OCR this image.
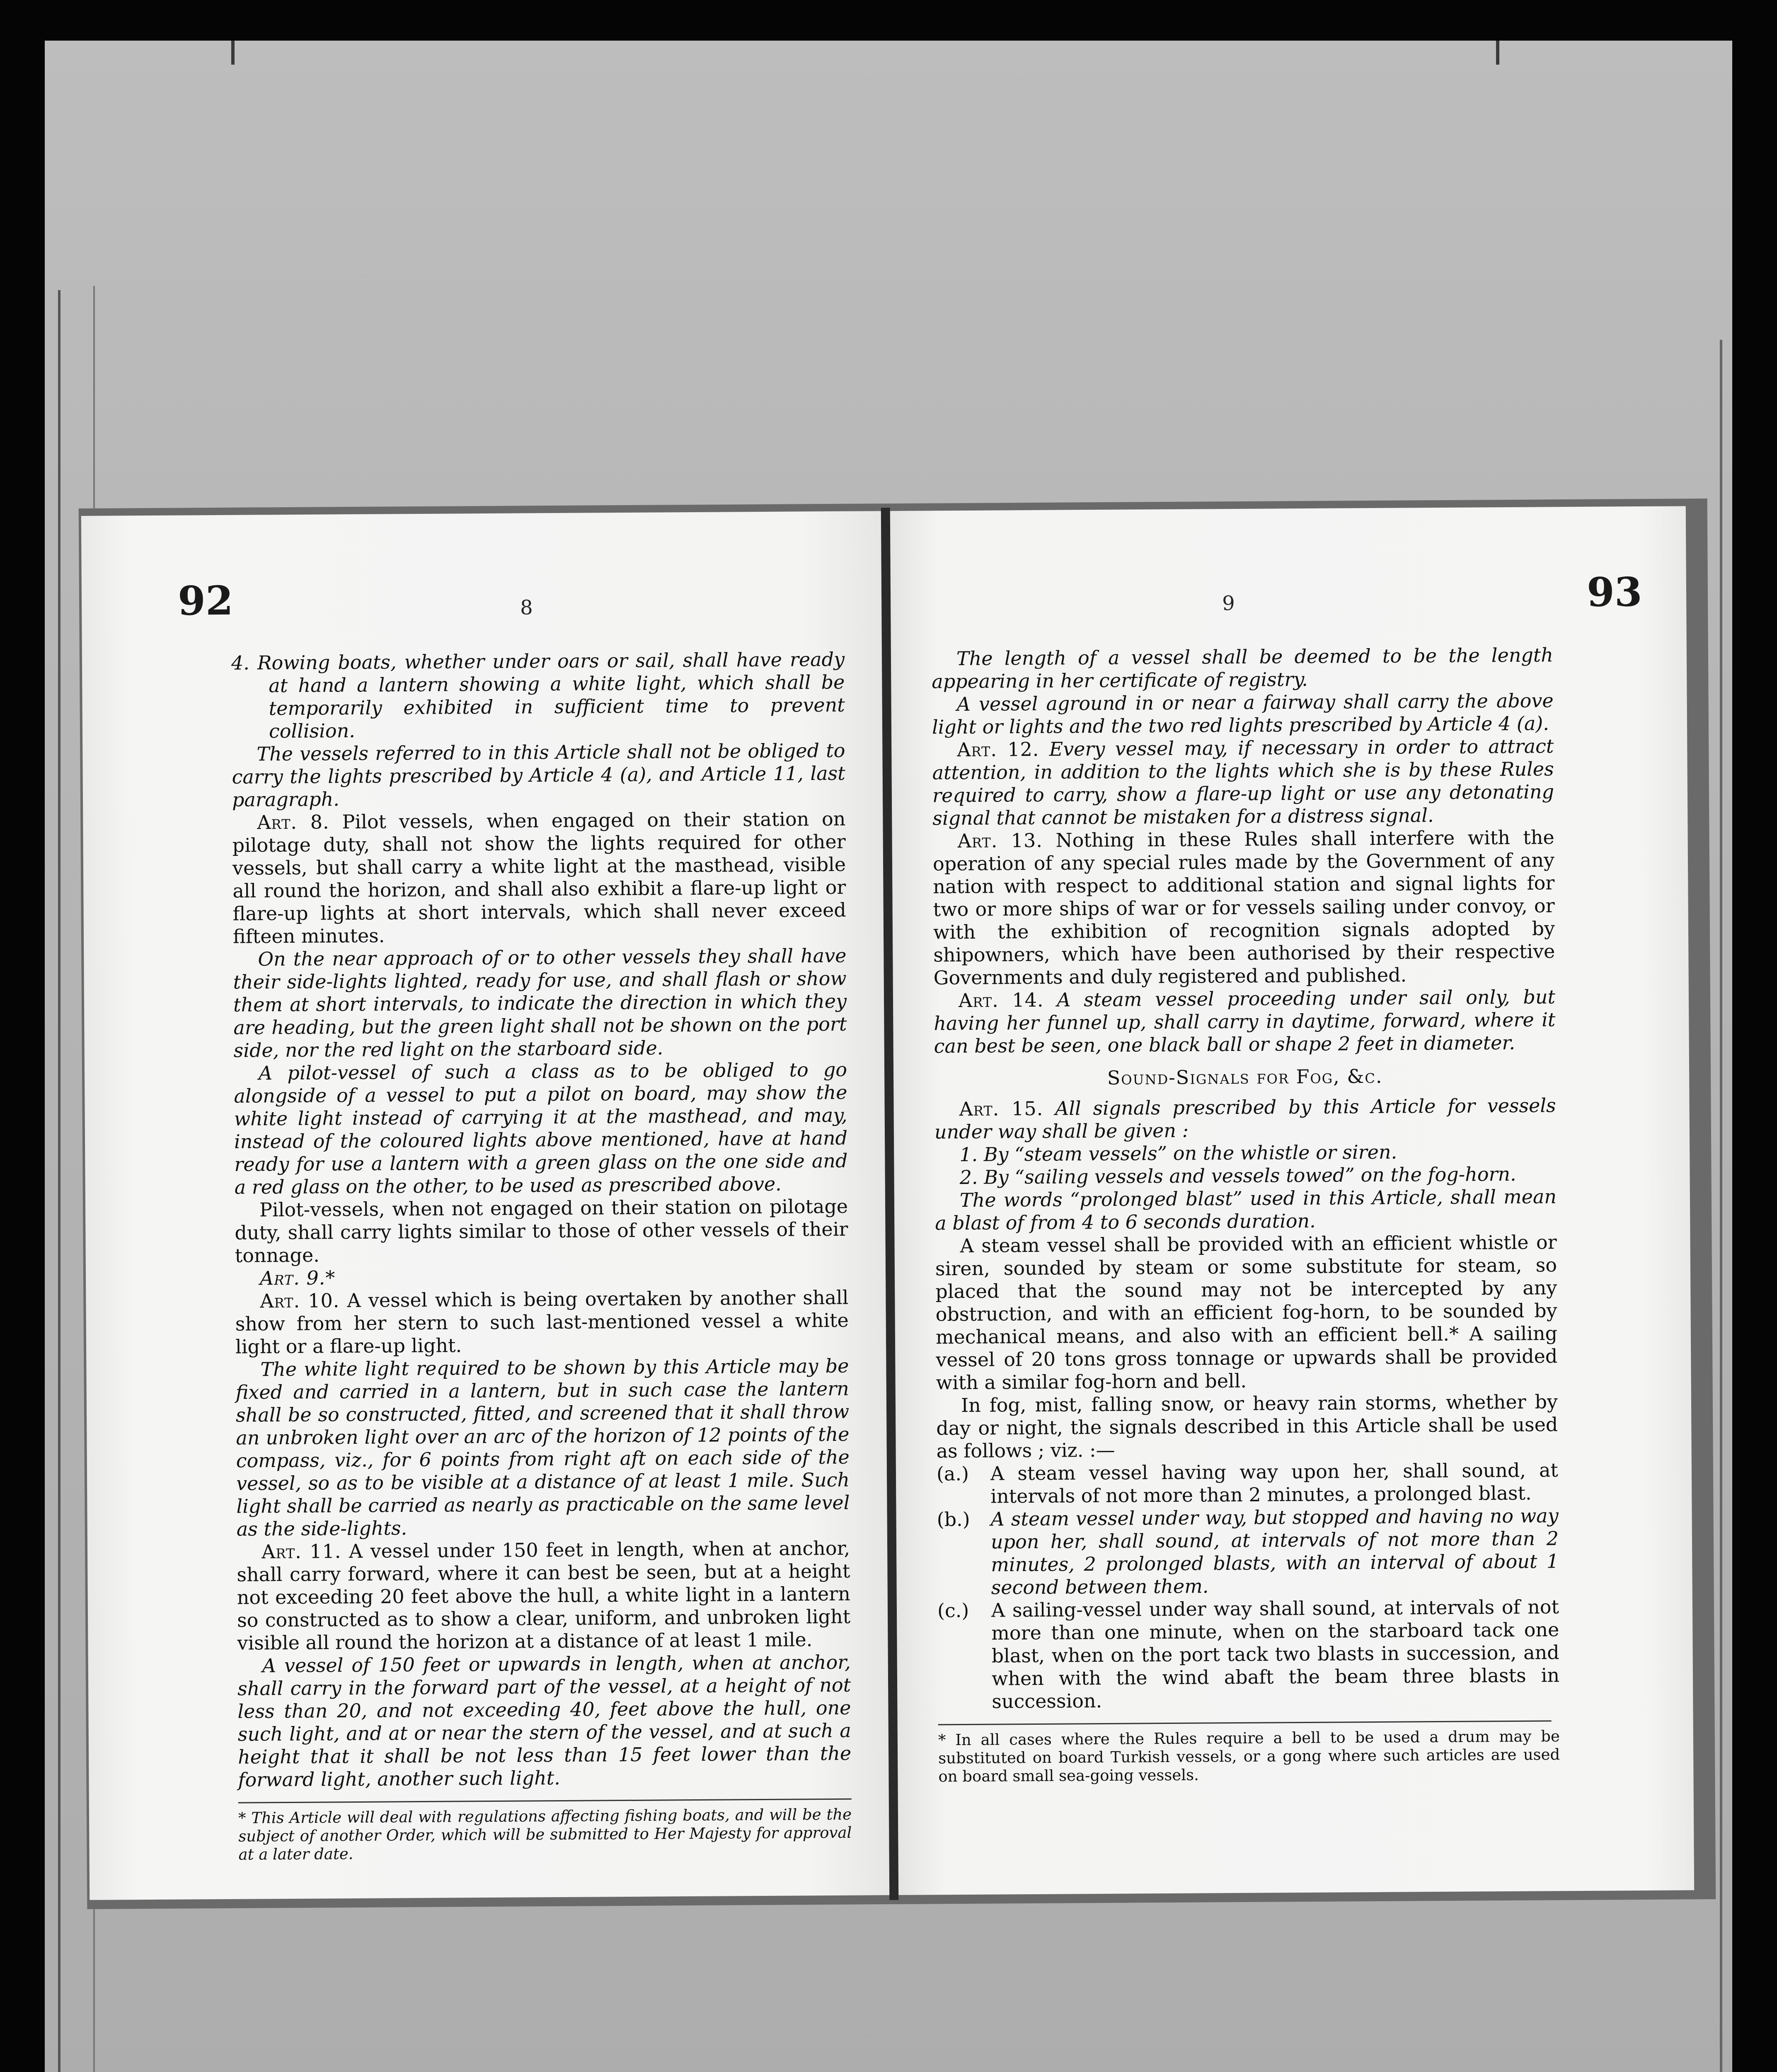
92	8

4. Rowing boats, whether under oars or sail, shall have ready at hand a lantern showing a white light, which shall be temporarily exhibited in sufficient time to prevent collision.

The vessels referred to in this Article shall not be obliged to carry the lights prescribed by Article 4 (a), and Article 11, last paragraph.

Art. 8. Pilot vessels, when engaged on their station on pilotage duty, shall not show the lights required for other vessels, but shall carry a white light at the masthead, visible all round the horizon, and shall also exhibit a flare-up light or flare-up lights at short intervals, which shall never exceed fifteen minutes.

On the near approach of or to other vessels they shall have their side-lights lighted, ready for use, and shall flash or show them at short intervals, to indicate the direction in which they are heading, but the green light shall not be shown on the port side, nor the red light on the starboard side.

A pilot-vessel of such a class as to be obliged to go alongside of a vessel to put a pilot on board, may show the white light instead of carrying it at the masthead, and may, instead of the coloured lights above mentioned, have at hand ready for use a lantern with a green glass on the one side and a red glass on the other, to be used as prescribed above.

Pilot-vessels, when not engaged on their station on pilotage duty, shall carry lights similar to those of other vessels of their tonnage.

Art. 9.*

Art. 10. A vessel which is being overtaken by another shall show from her stern to such last-mentioned vessel a white light or a flare-up light.

The white light required to be shown by this Article may be fixed and carried in a lantern, but in such case the lantern shall be so constructed, fitted, and screened that it shall throw an unbroken light over an arc of the horizon of 12 points of the compass, viz., for 6 points from right aft on each side of the vessel, so as to be visible at a distance of at least 1 mile. Such light shall be carried as nearly as practicable on the same level as the side-lights.

Art. 11. A vessel under 150 feet in length, when at anchor, shall carry forward, where it can best be seen, but at a height not exceeding 20 feet above the hull, a white light in a lantern so constructed as to show a clear, uniform, and unbroken light visible all round the horizon at a distance of at least 1 mile.

A vessel of 150 feet or upwards in length, when at anchor, shall carry in the forward part of the vessel, at a height of not less than 20, and not exceeding 40, feet above the hull, one such light, and at or near the stern of the vessel, and at such a height that it shall be not less than 15 feet lower than the forward light, another such light.

* This Article will deal with regulations affecting fishing boats, and will be the subject of another Order, which will be submitted to Her Majesty for approval at a later date.
93
9

The length of a vessel shall be deemed to be the length appearing in her certificate of registry.

A vessel aground in or near a fairway shall carry the above light or lights and the two red lights prescribed by Article 4 (a).

Art. 12. Every vessel may, if necessary in order to attract attention, in addition to the lights which she is by these Rules required to carry, show a flare-up light or use any detonating signal that cannot be mistaken for a distress signal.

Art. 13. Nothing in these Rules shall interfere with the operation of any special rules made by the Government of any nation with respect to additional station and signal lights for two or more ships of war or for vessels sailing under convoy, or with the exhibition of recognition signals adopted by shipowners, which have been authorised by their respective Governments and duly registered and published.

Art. 14. A steam vessel proceeding under sail only, but having her funnel up, shall carry in daytime, forward, where it can best be seen, one black ball or shape 2 feet in diameter.

Sound-Signals for Fog, &c.

Art. 15. All signals prescribed by this Article for vessels under way shall be given :

1. By “steam vessels” on the whistle or siren.

2. By “sailing vessels and vessels towed” on the fog-horn.

The words “prolonged blast” used in this Article, shall mean a blast of from 4 to 6 seconds duration.

A steam vessel shall be provided with an efficient whistle or siren, sounded by steam or some substitute for steam, so placed that the sound may not be intercepted by any obstruction, and with an efficient fog-horn, to be sounded by mechanical means, and also with an efficient bell.* A sailing vessel of 20 tons gross tonnage or upwards shall be provided with a similar fog-horn and bell.

In fog, mist, falling snow, or heavy rain storms, whether by day or night, the signals described in this Article shall be used as follows ; viz. :—

(a.)	A steam vessel having way upon her, shall sound, at intervals of not more than 2 minutes, a prolonged blast.
(b.)	A steam vessel under way, but stopped and having no way upon her, shall sound, at intervals of not more than 2 minutes, 2 prolonged blasts, with an interval of about 1 second between them.
(c.)	A sailing-vessel under way shall sound, at intervals of not more than one minute, when on the starboard tack one blast, when on the port tack two blasts in succession, and when with the wind abaft the beam three blasts in succession.
* In all cases where the Rules require a bell to be used a drum may be substituted on board Turkish vessels, or a gong where such articles are used on board small sea-going vessels.
